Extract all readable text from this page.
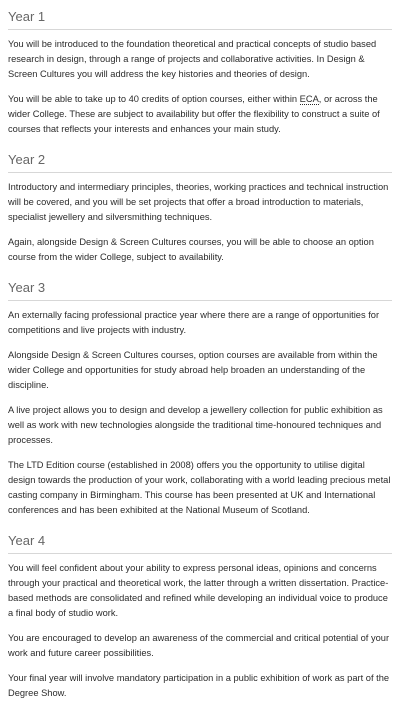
Year 1

You will be introduced to the foundation theoretical and practical concepts of studio based research in design, through a range of projects and collaborative activities. In Design & Screen Cultures you will address the key histories and theories of design.

You will be able to take up to 40 credits of option courses, either within ECA, or across the wider College. These are subject to availability but offer the flexibility to construct a suite of courses that reflects your interests and enhances your main study.

Year 2

Introductory and intermediary principles, theories, working practices and technical instruction will be covered, and you will be set projects that offer a broad introduction to materials, specialist jewellery and silversmithing techniques.

Again, alongside Design & Screen Cultures courses, you will be able to choose an option course from the wider College, subject to availability.

Year 3

An externally facing professional practice year where there are a range of opportunities for competitions and live projects with industry.

Alongside Design & Screen Cultures courses, option courses are available from within the wider College and opportunities for study abroad help broaden an understanding of the discipline.

A live project allows you to design and develop a jewellery collection for public exhibition as well as work with new technologies alongside the traditional time-honoured techniques and processes.

The LTD Edition course (established in 2008) offers you the opportunity to utilise digital design towards the production of your work, collaborating with a world leading precious metal casting company in Birmingham. This course has been presented at UK and International conferences and has been exhibited at the National Museum of Scotland.

Year 4

You will feel confident about your ability to express personal ideas, opinions and concerns through your practical and theoretical work, the latter through a written dissertation. Practice-based methods are consolidated and refined while developing an individual voice to produce a final body of studio work.

You are encouraged to develop an awareness of the commercial and critical potential of your work and future career possibilities.

Your final year will involve mandatory participation in a public exhibition of work as part of the Degree Show.
